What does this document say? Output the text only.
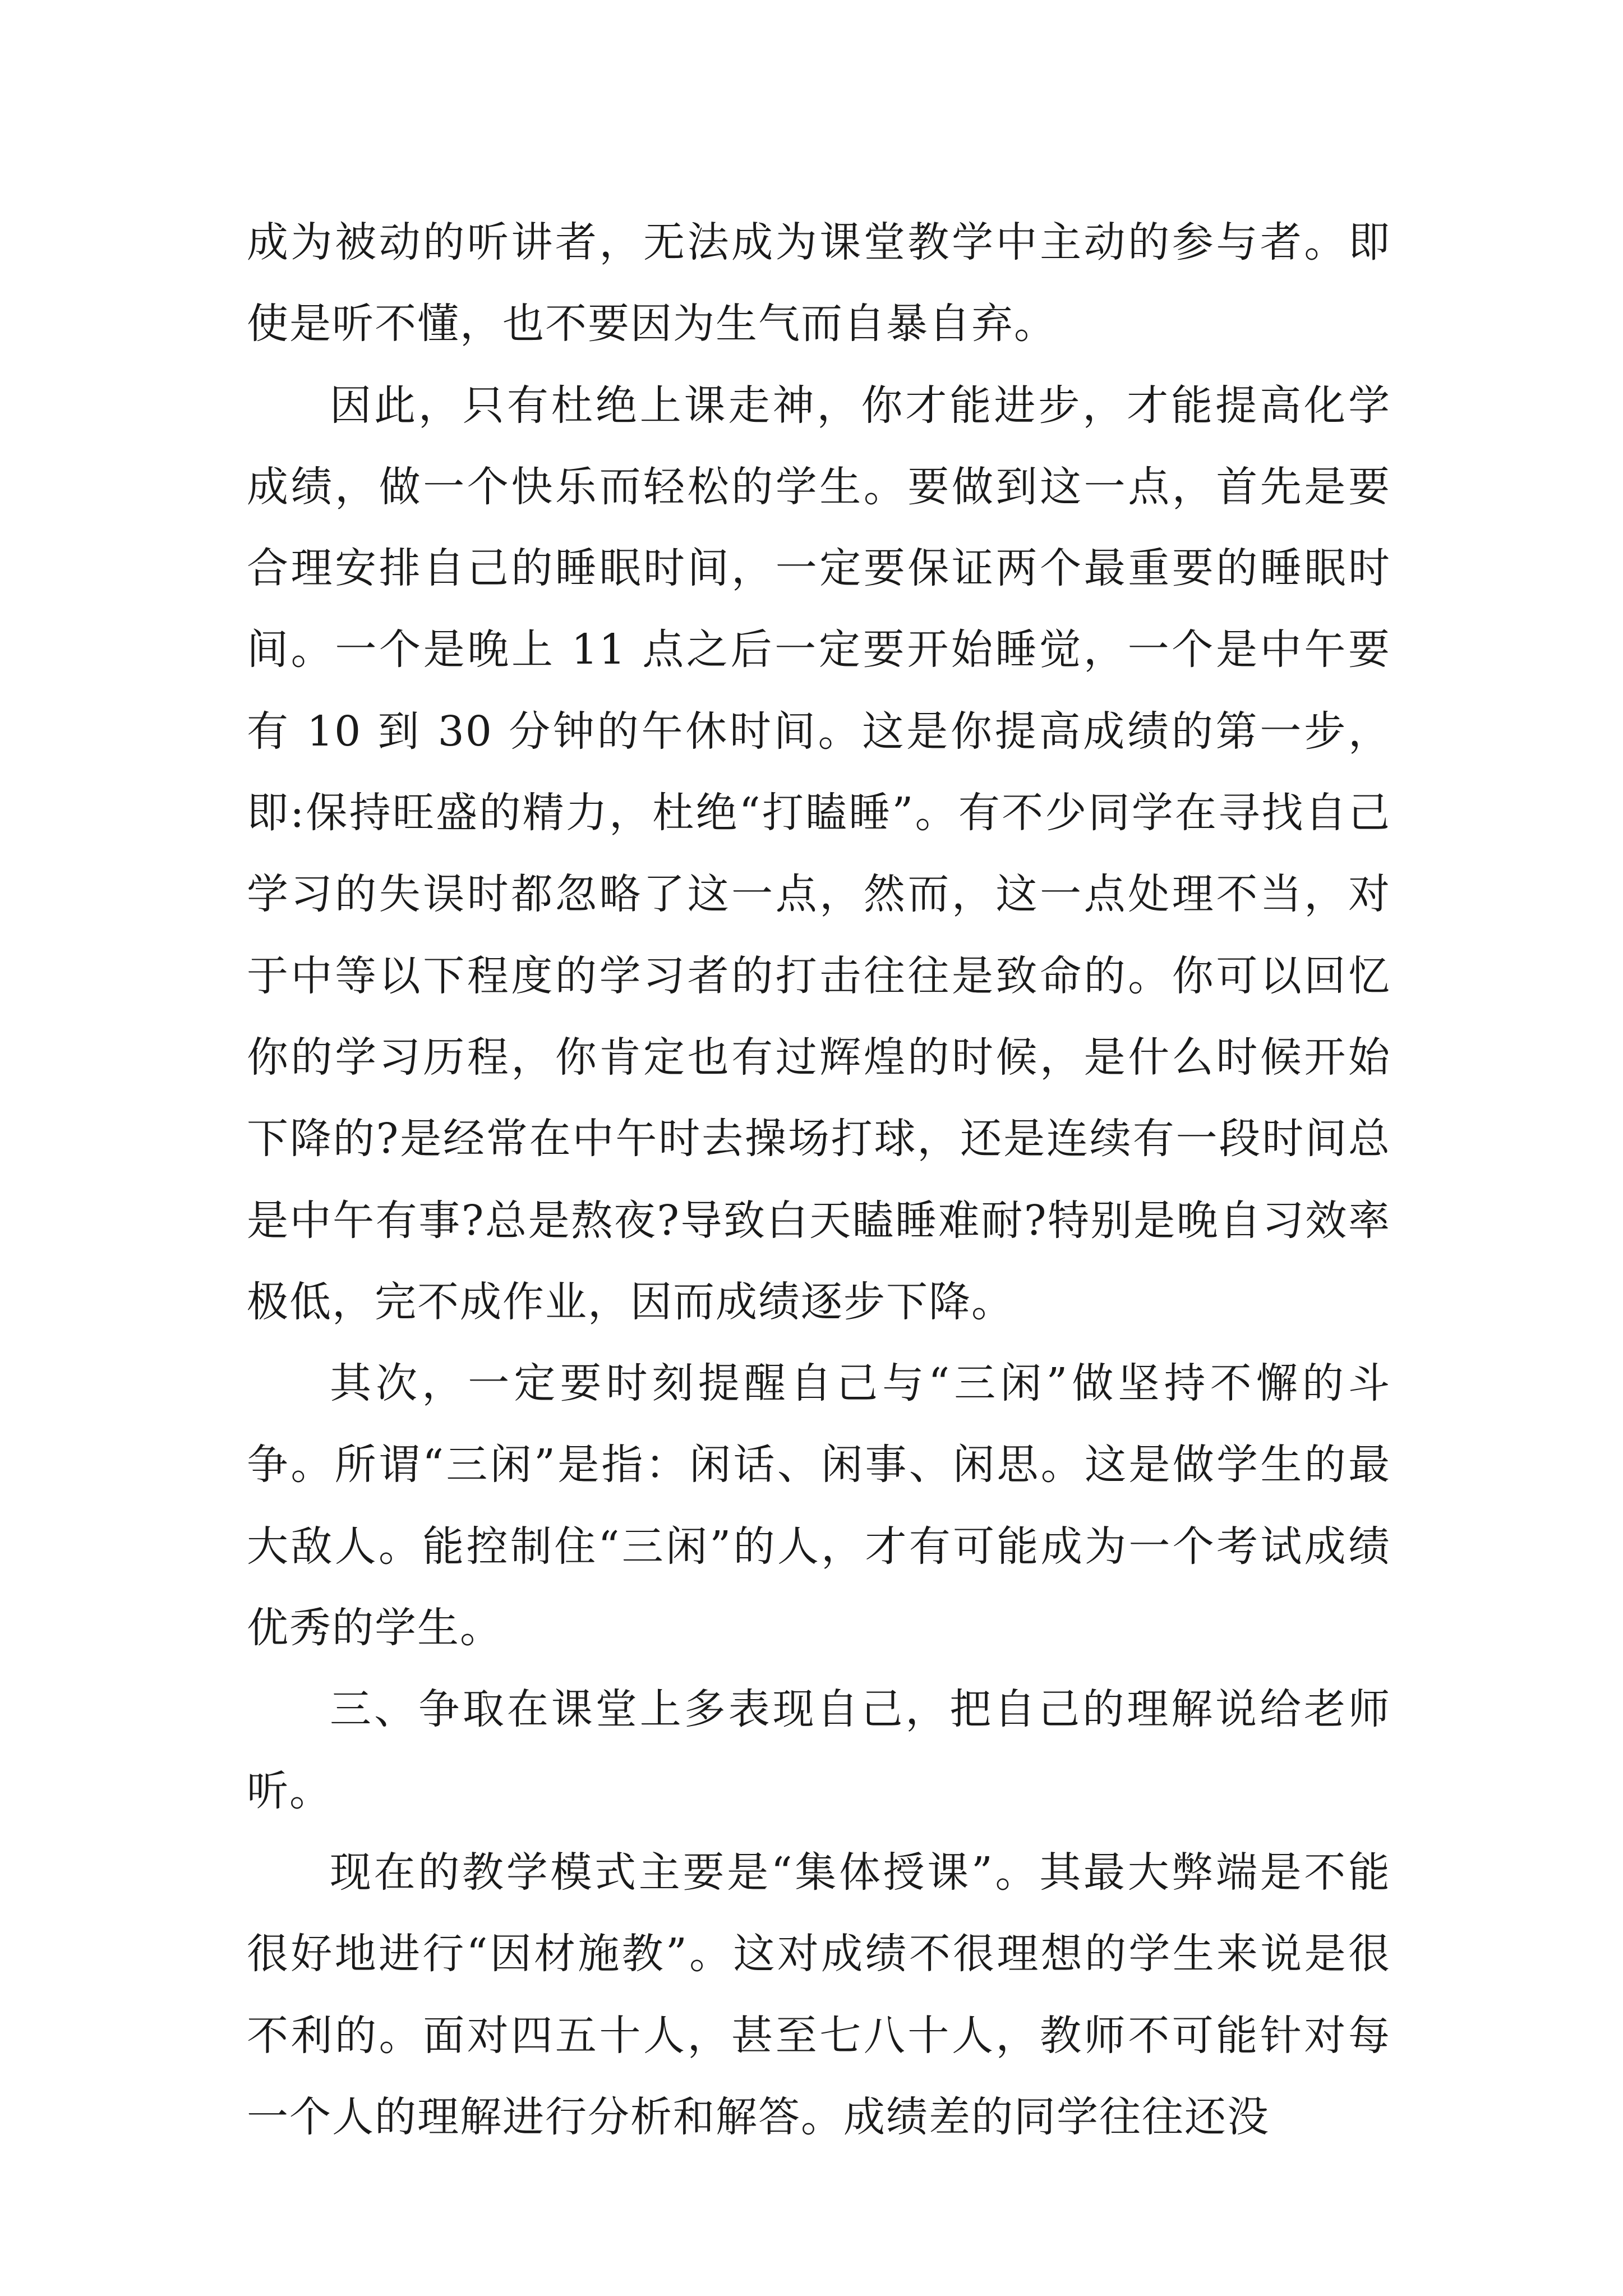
成为被动的听讲者，无法成为课堂教学中主动的参与者。即使是听不懂，也不要因为生气而自暴自弃。

因此，只有杜绝上课走神，你才能进步，才能提高化学成绩，做一个快乐而轻松的学生。要做到这一点，首先是要合理安排自己的睡眠时间，一定要保证两个最重要的睡眠时间。一个是晚上 11 点之后一定要开始睡觉，一个是中午要有 10 到 30 分钟的午休时间。这是你提高成绩的第一步，即:保持旺盛的精力，杜绝“打瞌睡”。有不少同学在寻找自己学习的失误时都忽略了这一点，然而，这一点处理不当，对于中等以下程度的学习者的打击往往是致命的。你可以回忆你的学习历程，你肯定也有过辉煌的时候，是什么时候开始下降的?是经常在中午时去操场打球，还是连续有一段时间总是中午有事?总是熬夜?导致白天瞌睡难耐?特别是晚自习效率极低，完不成作业，因而成绩逐步下降。

其次，一定要时刻提醒自己与“三闲”做坚持不懈的斗争。所谓“三闲”是指：闲话、闲事、闲思。这是做学生的最大敌人。能控制住“三闲”的人，才有可能成为一个考试成绩优秀的学生。

三、争取在课堂上多表现自己，把自己的理解说给老师听。

现在的教学模式主要是“集体授课”。其最大弊端是不能很好地进行“因材施教”。这对成绩不很理想的学生来说是很不利的。面对四五十人，甚至七八十人，教师不可能针对每一个人的理解进行分析和解答。成绩差的同学往往还没
